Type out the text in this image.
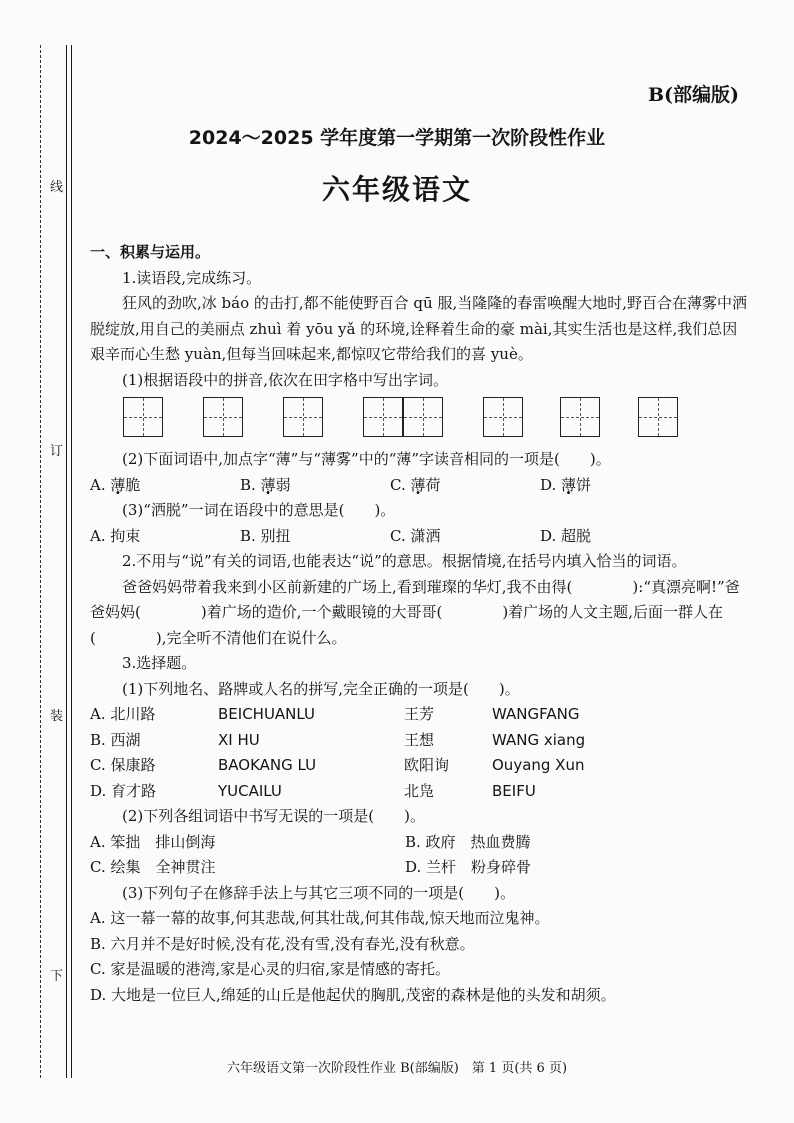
线
订
装
下
B(部编版)
2024～2025 学年度第一学期第一次阶段性作业
六年级语文

一、积累与运用。

1.读语段,完成练习。

狂风的劲吹,冰 báo 的击打,都不能使野百合 qū 服,当隆隆的春雷唤醒大地时,野百合在薄雾中洒脱绽放,用自己的美丽点 zhuì 着 yōu yǎ 的环境,诠释着生命的豪 mài,其实生活也是这样,我们总因艰辛而心生愁 yuàn,但每当回味起来,都惊叹它带给我们的喜 yuè。

(1)根据语段中的拼音,依次在田字格中写出字词。

(2)下面词语中,加点字“薄”与“薄雾”中的“薄”字读音相同的一项是(　　)。

A. 薄脆	B. 薄弱	C. 薄荷	D. 薄饼

(3)“洒脱”一词在语段中的意思是(　　)。

A. 拘束	B. 别扭	C. 潇洒	D. 超脱

2.不用与“说”有关的词语,也能表达“说”的意思。根据情境,在括号内填入恰当的词语。

爸爸妈妈带着我来到小区前新建的广场上,看到璀璨的华灯,我不由得(　　　　):“真漂亮啊!”爸爸妈妈(　　　　)着广场的造价,一个戴眼镜的大哥哥(　　　　)着广场的人文主题,后面一群人在(　　　　),完全听不清他们在说什么。

3.选择题。

(1)下列地名、路牌或人名的拼写,完全正确的一项是(　　)。

A. 北川路	BEICHUANLU	王芳	WANGFANG
B. 西湖	XI HU	王想	WANG xiang
C. 保康路	BAOKANG LU	欧阳询	Ouyang Xun
D. 育才路	YUCAILU	北凫	BEIFU

(2)下列各组词语中书写无误的一项是(　　)。

A. 笨拙　排山倒海	B. 政府　热血费腾
C. 绘集　全神贯注	D. 兰杆　粉身碎骨

(3)下列句子在修辞手法上与其它三项不同的一项是(　　)。

A. 这一幕一幕的故事,何其悲哉,何其壮哉,何其伟哉,惊天地而泣鬼神。

B. 六月并不是好时候,没有花,没有雪,没有春光,没有秋意。

C. 家是温暖的港湾,家是心灵的归宿,家是情感的寄托。

D. 大地是一位巨人,绵延的山丘是他起伏的胸肌,茂密的森林是他的头发和胡须。

六年级语文第一次阶段性作业 B(部编版)　第 1 页(共 6 页)
